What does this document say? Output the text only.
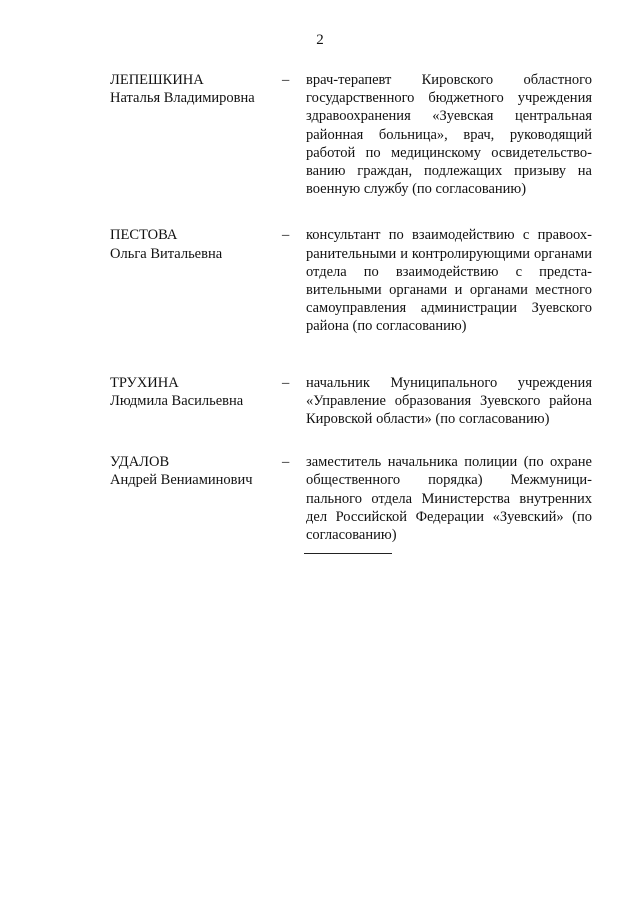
2
ЛЕПЕШКИНА
Наталья Владимировна
–	врач-терапевт Кировского областного государственного бюджетного учреждения здравоохранения «Зуевская центральная районная больница», врач, руководящий работой по медицинскому освидетельствованию граждан, подлежащих призыву на военную службу (по согласованию)
ПЕСТОВА
Ольга Витальевна
–	консультант по взаимодействию с правоохранительными и контролирующими органами отдела по взаимодействию с представительными органами и органами местного самоуправления администрации Зуевского района (по согласованию)
ТРУХИНА
Людмила Васильевна
–	начальник Муниципального учреждения «Управление образования Зуевского района Кировской области» (по согласованию)
УДАЛОВ
Андрей Вениаминович
–	заместитель начальника полиции (по охране общественного порядка) Межмуниципального отдела Министерства внутренних дел Российской Федерации «Зуевский» (по согласованию)
